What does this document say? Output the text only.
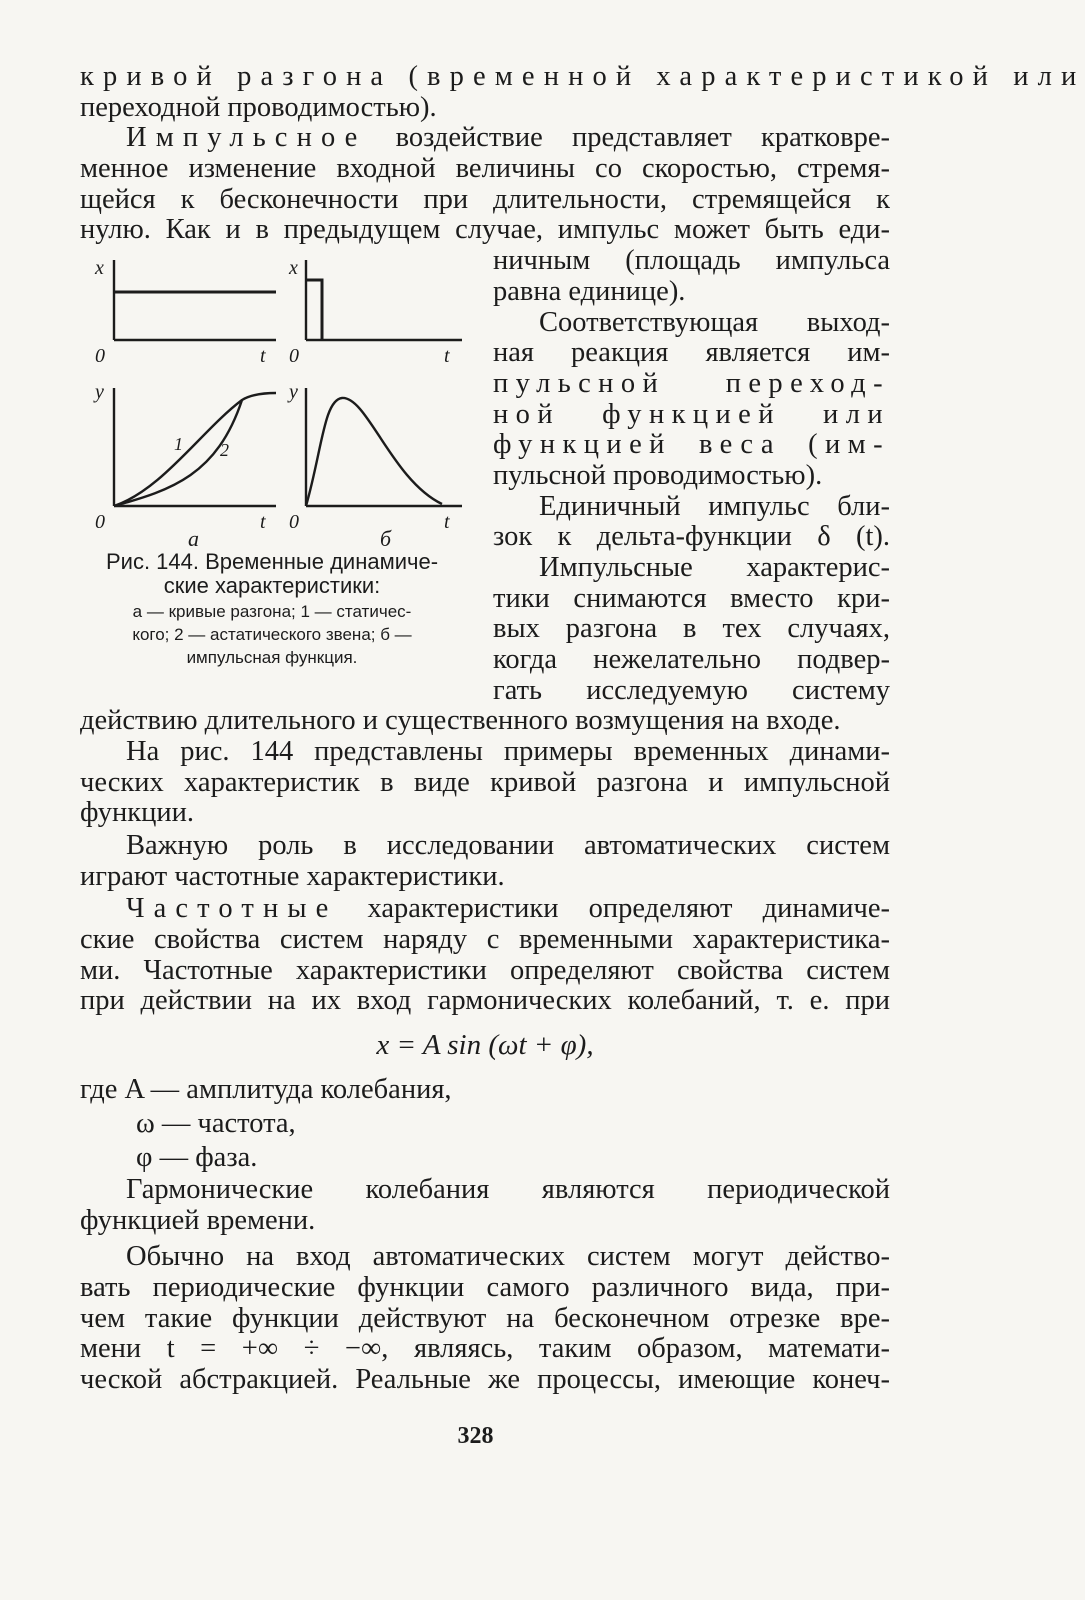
кривой разгона (временной характеристикой или
переходной проводимостью).
Импульсное воздействие представляет кратковре-
менное изменение входной величины со скоростью, стремя-
щейся к бесконечности при длительности, стремящейся к
нулю. Как и в предыдущем случае, импульс может быть еди-
x	x
y	y
t	t
t	t
0	0
0	0
1 2
а	б
Рис. 144. Временные динамиче-
ские характеристики:
а — кривые разгона; 1 — статичес-
кого; 2 — астатического звена; б —
импульсная функция.
ничным (площадь импульса
равна единице).
Соответствующая выход-
ная реакция является им-
пульсной переход-
ной функцией или
функцией веса (им-
пульсной проводимостью).
Единичный импульс бли-
зок к дельта-функции δ (t).
Импульсные характерис-
тики снимаются вместо кри-
вых разгона в тех случаях,
когда нежелательно подвер-
гать исследуемую систему
действию длительного и существенного возмущения на входе.
На рис. 144 представлены примеры временных динами-
ческих характеристик в виде кривой разгона и импульсной
функции.
Важную роль в исследовании автоматических систем
играют частотные характеристики.
Частотные характеристики определяют динамиче-
ские свойства систем наряду с временными характеристика-
ми. Частотные характеристики определяют свойства систем
при действии на их вход гармонических колебаний, т. е. при
x = A sin (ωt + φ),
где A — амплитуда колебания,
ω — частота,
φ — фаза.
Гармонические колебания являются периодической
функцией времени.
Обычно на вход автоматических систем могут действо-
вать периодические функции самого различного вида, при-
чем такие функции действуют на бесконечном отрезке вре-
мени t = +∞ ÷ −∞, являясь, таким образом, математи-
ческой абстракцией. Реальные же процессы, имеющие конеч-
328
